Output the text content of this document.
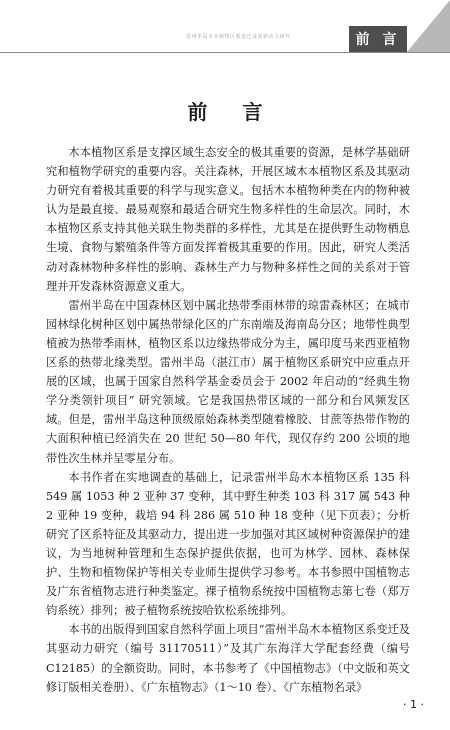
雷州半岛木本植物区系变迁及其驱动力研究	前 言
前 言

木本植物区系是支撑区域生态安全的极其重要的资源，是林学基础研究和植物学研究的重要内容。关注森林，开展区域木本植物区系及其驱动力研究有着极其重要的科学与现实意义。包括木本植物种类在内的物种被认为是最直接、最易观察和最适合研究生物多样性的生命层次。同时，木本植物区系支持其他关联生物类群的多样性，尤其是在提供野生动物栖息生境、食物与繁殖条件等方面发挥着极其重要的作用。因此，研究人类活动对森林物种多样性的影响、森林生产力与物种多样性之间的关系对于管理并开发森林资源意义重大。

雷州半岛在中国森林区划中属北热带季雨林带的琼雷森林区；在城市园林绿化树种区划中属热带绿化区的广东南端及海南岛分区；地带性典型植被为热带季雨林，植物区系以边缘热带成分为主，属印度马来西亚植物区系的热带北缘类型。雷州半岛（湛江市）属于植物区系研究中应重点开展的区域，也属于国家自然科学基金委员会于 2002 年启动的“经典生物学分类领针项目” 研究领域。它是我国热带区域的一部分和台风频发区域。但是，雷州半岛这种顶级原始森林类型随着橡胶、甘蔗等热带作物的大面积种植已经消失在 20 世纪 50—80 年代，现仅存约 200 公顷的地带性次生林并呈零星分布。

本书作者在实地调查的基础上，记录雷州半岛木本植物区系 135 科 549 属 1053 种 2 亚种 37 变种，其中野生种类 103 科 317 属 543 种 2 亚种 19 变种，栽培 94 科 286 属 510 种 18 变种（见下页表）；分析研究了区系特征及其驱动力，提出进一步加强对其区域树种资源保护的建议，为当地树种管理和生态保护提供依据，也可为林学、园林、森林保护、生物和植物保护等相关专业师生提供学习参考。本书参照中国植物志及广东省植物志进行种类鉴定。裸子植物系统按中国植物志第七卷（郑万钧系统）排列；被子植物系统按哈钦松系统排列。

本书的出版得到国家自然科学面上项目“雷州半岛木本植物区系变迁及其驱动力研究（编号 31170511）”及其广东海洋大学配套经费（编号 C12185）的全额资助。同时，本书参考了《中国植物志》（中文版和英文修订版相关卷册）、《广东植物志》（1～10 卷）、《广东植物名录》

· 1 ·
